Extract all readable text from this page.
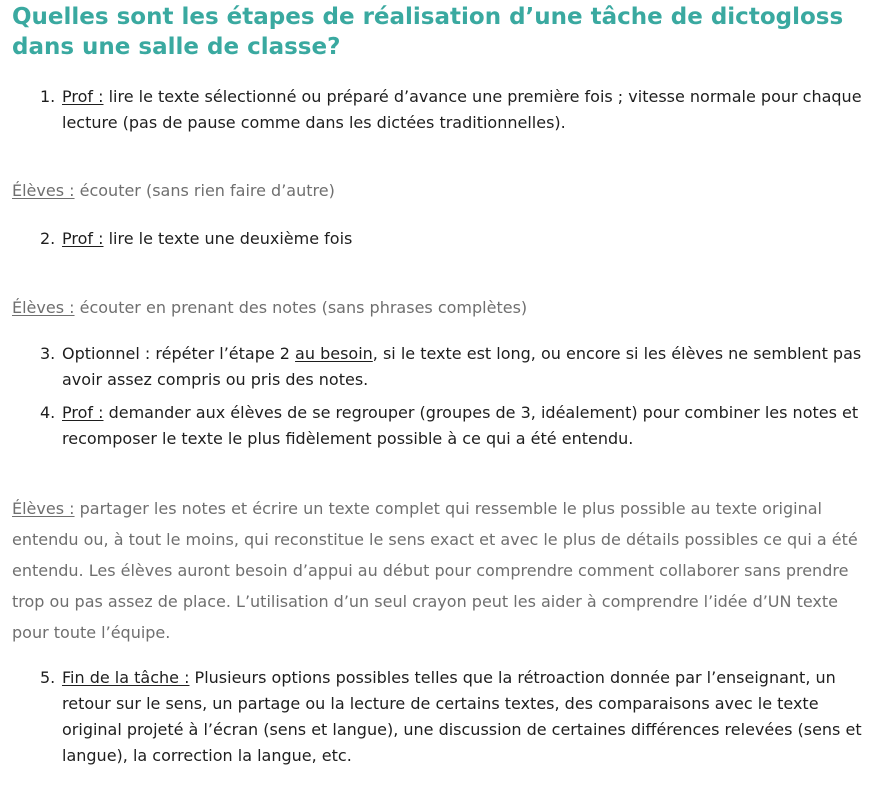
Quelles sont les étapes de réalisation d’une tâche de dictogloss dans une salle de classe?
1. Prof : lire le texte sélectionné ou préparé d’avance une première fois ; vitesse normale pour chaque lecture (pas de pause comme dans les dictées traditionnelles).
Élèves : écouter (sans rien faire d’autre)
2. Prof : lire le texte une deuxième fois
Élèves : écouter en prenant des notes (sans phrases complètes)
3. Optionnel : répéter l’étape 2 au besoin, si le texte est long, ou encore si les élèves ne semblent pas avoir assez compris ou pris des notes.
4. Prof : demander aux élèves de se regrouper (groupes de 3, idéalement) pour combiner les notes et recomposer le texte le plus fidèlement possible à ce qui a été entendu.
Élèves : partager les notes et écrire un texte complet qui ressemble le plus possible au texte original entendu ou, à tout le moins, qui reconstitue le sens exact et avec le plus de détails possibles ce qui a été entendu. Les élèves auront besoin d’appui au début pour comprendre comment collaborer sans prendre trop ou pas assez de place. L’utilisation d’un seul crayon peut les aider à comprendre l’idée d’UN texte pour toute l’équipe.
5. Fin de la tâche : Plusieurs options possibles telles que la rétroaction donnée par l’enseignant, un retour sur le sens, un partage ou la lecture de certains textes, des comparaisons avec le texte original projeté à l’écran (sens et langue), une discussion de certaines différences relevées (sens et langue), la correction la langue, etc.
